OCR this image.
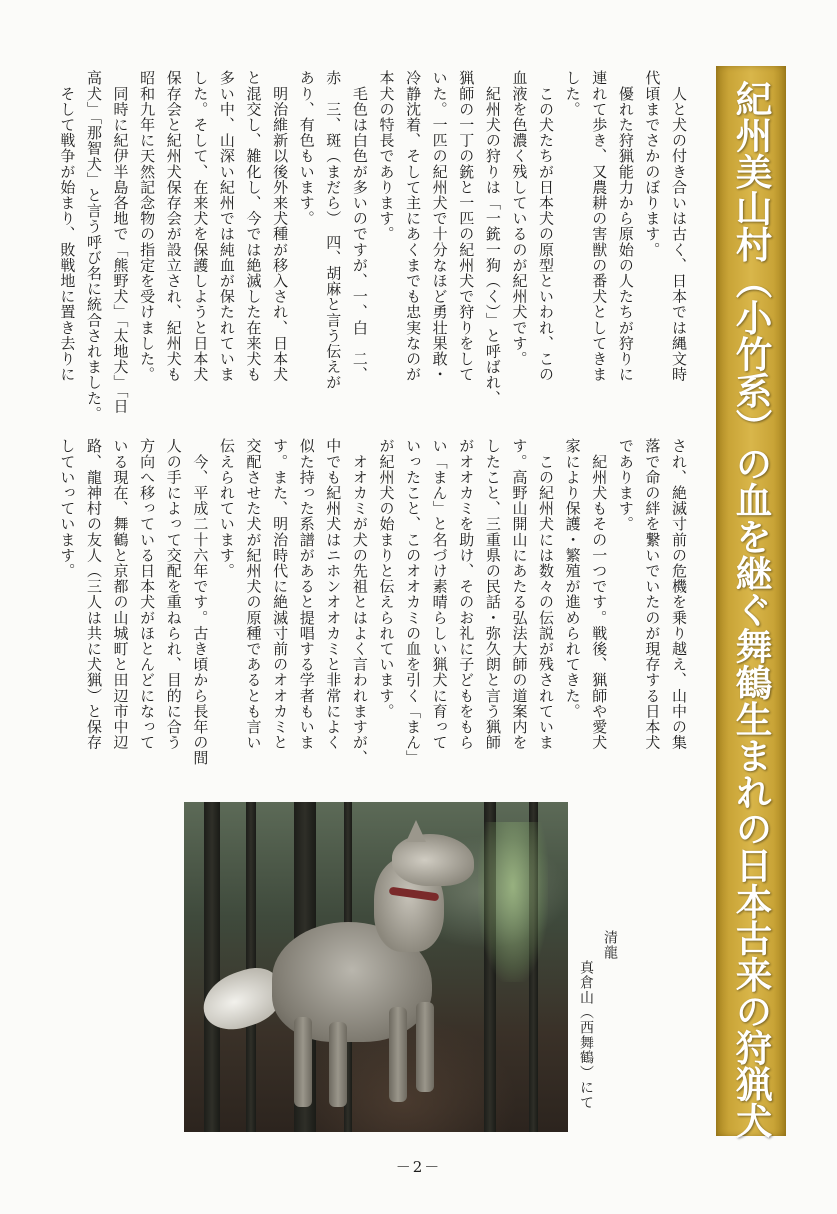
紀州美山村（小竹系）の血を継ぐ舞鶴生まれの日本古来の狩猟犬
　人と犬の付き合いは古く、日本では縄文時
代頃までさかのぼります。
　優れた狩猟能力から原始の人たちが狩りに
連れて歩き、又農耕の害獣の番犬としてきま
した。
　この犬たちが日本犬の原型といわれ、この
血液を色濃く残しているのが紀州犬です。
　紀州犬の狩りは「一銃一狗（く）」と呼ばれ、
猟師の一丁の銃と一匹の紀州犬で狩りをして
いた。一匹の紀州犬で十分なほど勇壮果敢・
冷静沈着、そして主にあくまでも忠実なのが
本犬の特長であります。
　毛色は白色が多いのですが、一、白　二、
赤　三、斑（まだら）　四、胡麻と言う伝えが
あり、有色もいます。
　明治維新以後外来犬種が移入され、日本犬
と混交し、雑化し、今では絶滅した在来犬も
多い中、山深い紀州では純血が保たれていま
した。そして、在来犬を保護しようと日本犬
保存会と紀州犬保存会が設立され、紀州犬も
昭和九年に天然記念物の指定を受けました。
　同時に紀伊半島各地で「熊野犬」「太地犬」「日
高犬」「那智犬」と言う呼び名に統合されました。
　そして戦争が始まり、敗戦地に置き去りに
され、絶滅寸前の危機を乗り越え、山中の集
落で命の絆を繋いでいたのが現存する日本犬
であります。
　紀州犬もその一つです。戦後、猟師や愛犬
家により保護・繁殖が進められてきた。
　この紀州犬には数々の伝説が残されていま
す。高野山開山にあたる弘法大師の道案内を
したこと、三重県の民話・弥久朗と言う猟師
がオオカミを助け、そのお礼に子どもをもら
い「まん」と名づけ素晴らしい猟犬に育って
いったこと、このオオカミの血を引く「まん」
が紀州犬の始まりと伝えられています。
　オオカミが犬の先祖とはよく言われますが、
中でも紀州犬はニホンオオカミと非常によく
似た持った系譜があると提唱する学者もいま
す。また、明治時代に絶滅寸前のオオカミと
交配させた犬が紀州犬の原種であるとも言い
伝えられています。
　今、平成二十六年です。古き頃から長年の間
人の手によって交配を重ねられ、目的に合う
方向へ移っている日本犬がほとんどになって
いる現在、舞鶴と京都の山城町と田辺市中辺
路、龍神村の友人（三人は共に犬猟）と保存
していっています。
清龍
　　真倉山（西舞鶴）にて
－2－
